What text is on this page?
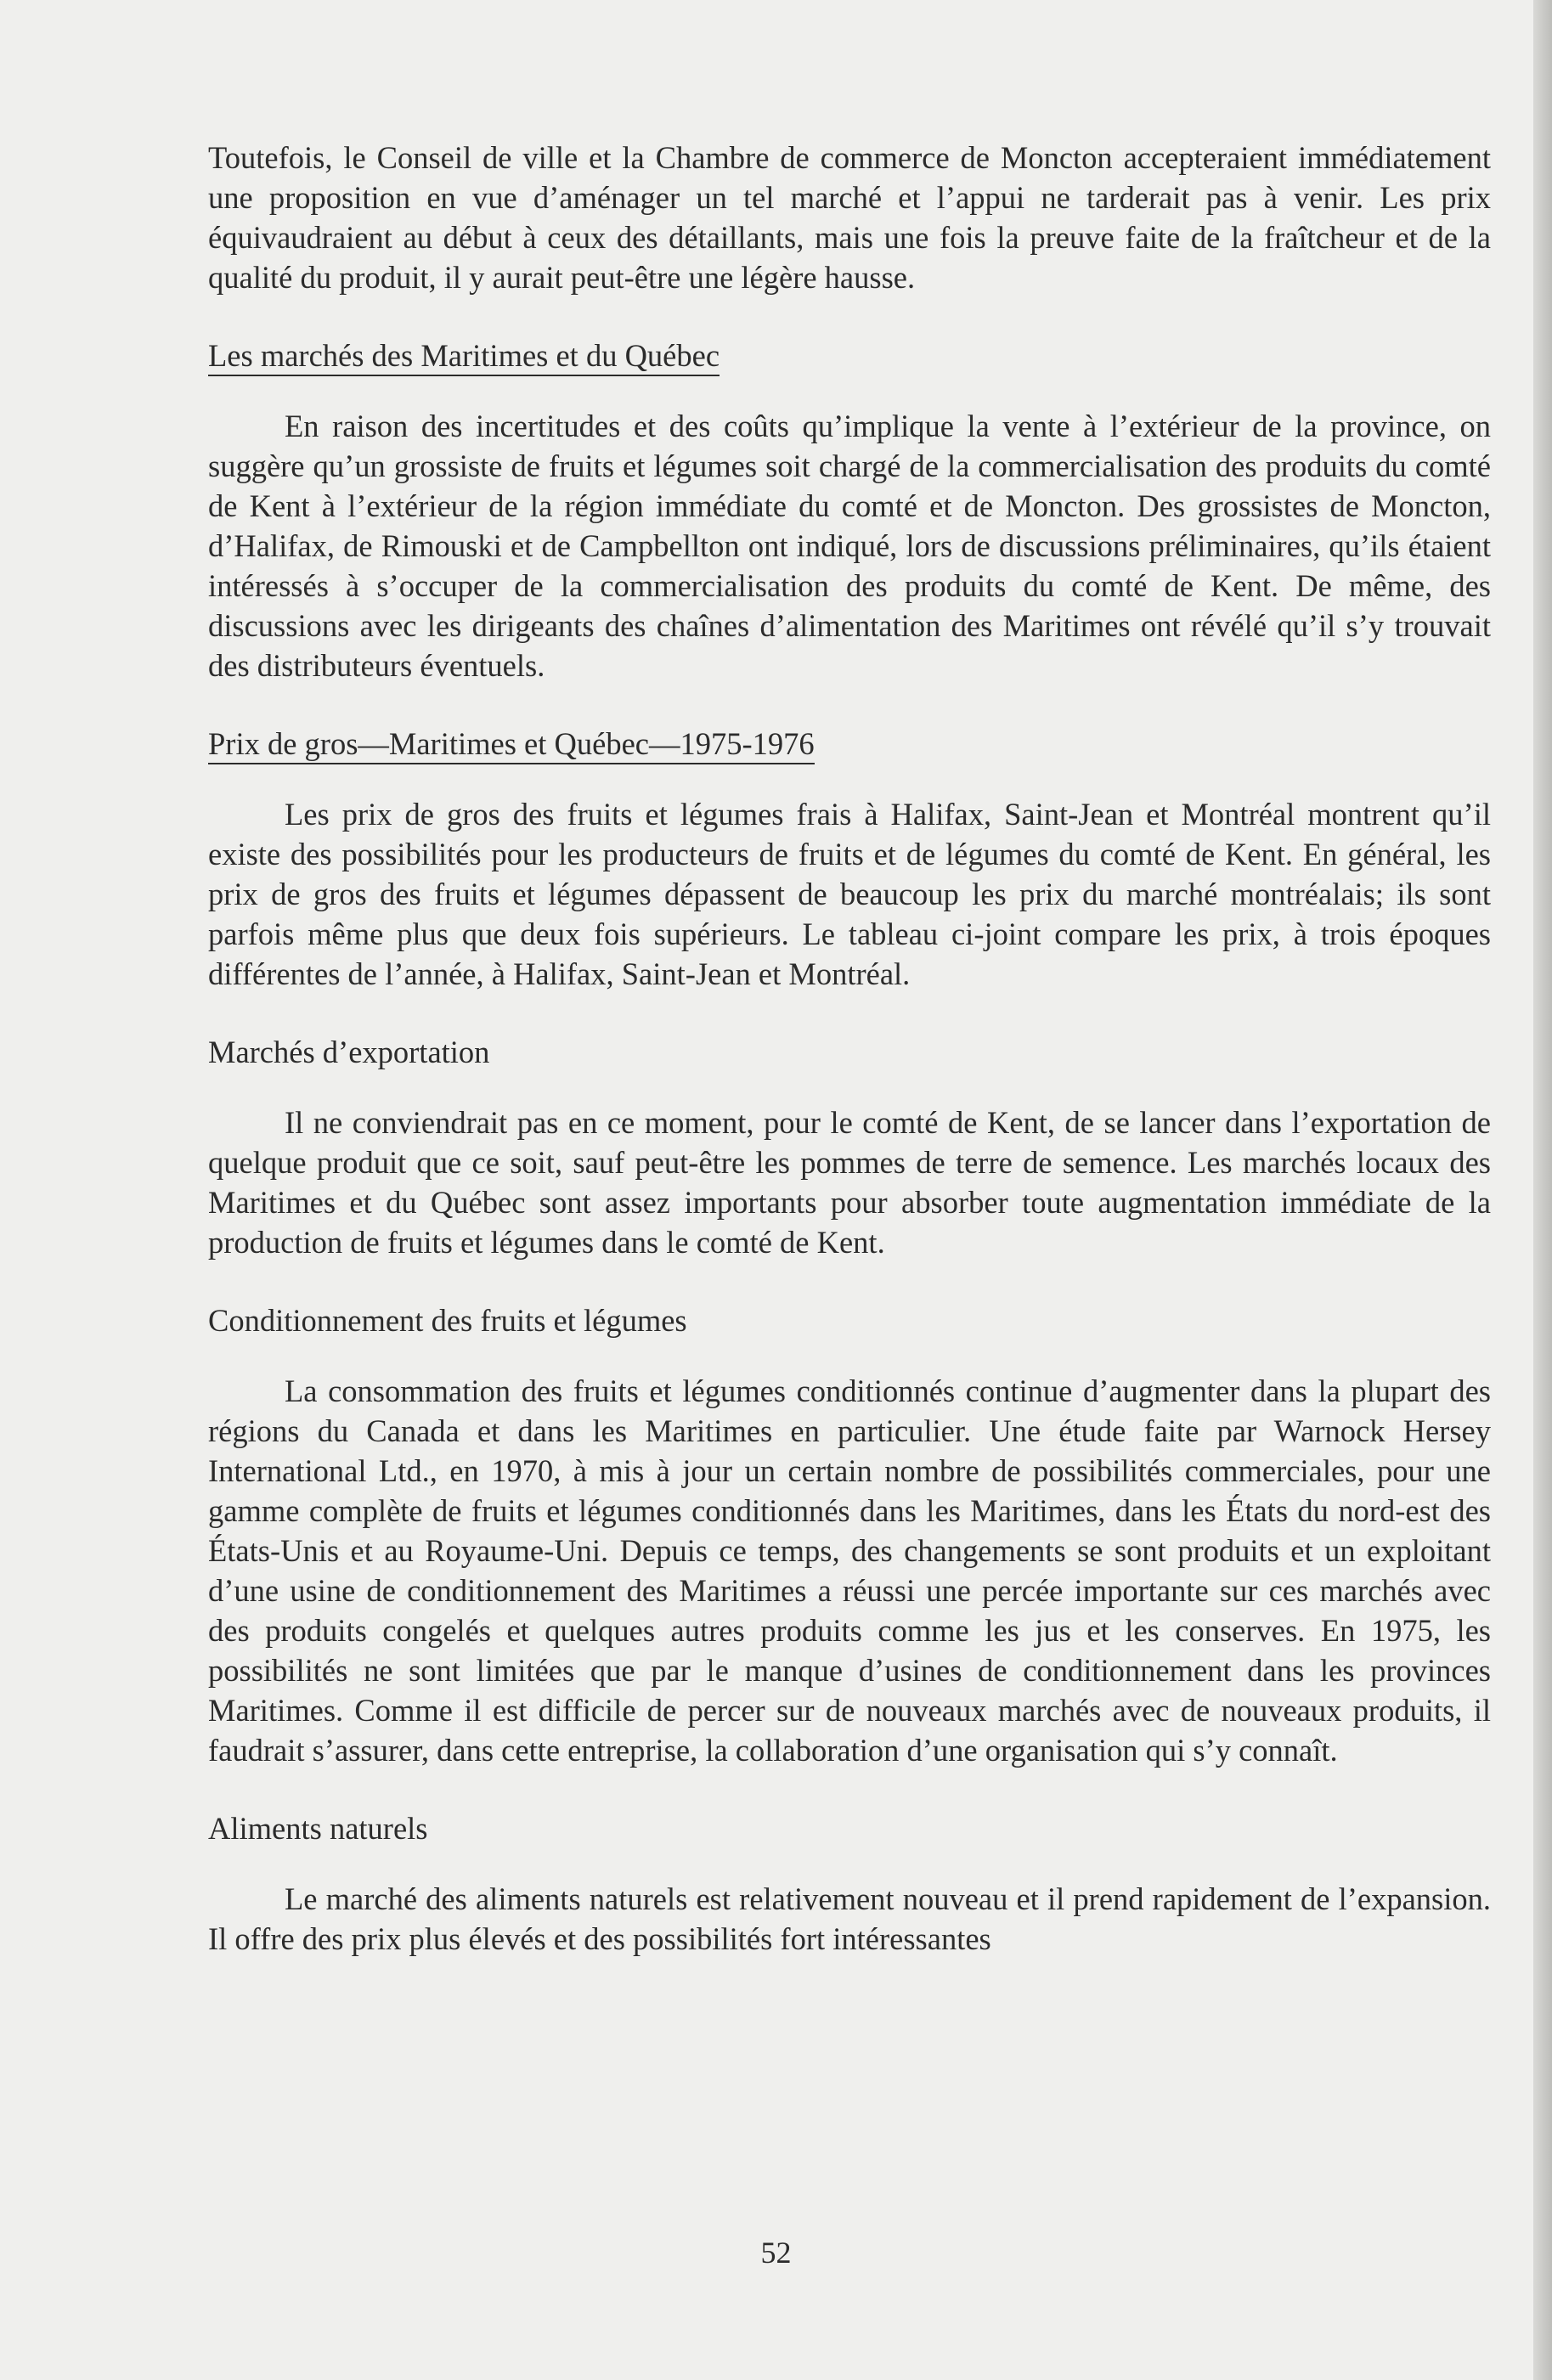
Toutefois, le Conseil de ville et la Chambre de commerce de Moncton accepteraient immédiatement une proposition en vue d’aménager un tel marché et l’appui ne tarderait pas à venir. Les prix équivaudraient au début à ceux des détaillants, mais une fois la preuve faite de la fraîtcheur et de la qualité du produit, il y aurait peut-être une légère hausse.

Les marchés des Maritimes et du Québec

En raison des incertitudes et des coûts qu’implique la vente à l’extérieur de la province, on suggère qu’un grossiste de fruits et légumes soit chargé de la commercialisation des produits du comté de Kent à l’extérieur de la région immédiate du comté et de Moncton. Des grossistes de Moncton, d’Halifax, de Rimouski et de Campbellton ont indiqué, lors de discussions préliminaires, qu’ils étaient intéressés à s’occuper de la commercialisation des produits du comté de Kent. De même, des discussions avec les dirigeants des chaînes d’alimentation des Maritimes ont révélé qu’il s’y trouvait des distributeurs éventuels.

Prix de gros—Maritimes et Québec—1975-1976

Les prix de gros des fruits et légumes frais à Halifax, Saint-Jean et Montréal montrent qu’il existe des possibilités pour les producteurs de fruits et de légumes du comté de Kent. En général, les prix de gros des fruits et légumes dépassent de beaucoup les prix du marché montréalais; ils sont parfois même plus que deux fois supérieurs. Le tableau ci-joint compare les prix, à trois époques différentes de l’année, à Halifax, Saint-Jean et Montréal.

Marchés d’exportation

Il ne conviendrait pas en ce moment, pour le comté de Kent, de se lancer dans l’exportation de quelque produit que ce soit, sauf peut-être les pommes de terre de semence. Les marchés locaux des Maritimes et du Québec sont assez importants pour absorber toute augmentation immédiate de la production de fruits et légumes dans le comté de Kent.

Conditionnement des fruits et légumes

La consommation des fruits et légumes conditionnés continue d’augmenter dans la plupart des régions du Canada et dans les Maritimes en particulier. Une étude faite par Warnock Hersey International Ltd., en 1970, à mis à jour un certain nombre de possibilités commerciales, pour une gamme complète de fruits et légumes conditionnés dans les Maritimes, dans les États du nord-est des États-Unis et au Royaume-Uni. Depuis ce temps, des changements se sont produits et un exploitant d’une usine de conditionnement des Maritimes a réussi une percée importante sur ces marchés avec des produits congelés et quelques autres produits comme les jus et les conserves. En 1975, les possibilités ne sont limitées que par le manque d’usines de conditionnement dans les provinces Maritimes. Comme il est difficile de percer sur de nouveaux marchés avec de nouveaux produits, il faudrait s’assurer, dans cette entreprise, la collaboration d’une organisation qui s’y connaît.

Aliments naturels

Le marché des aliments naturels est relativement nouveau et il prend rapidement de l’expansion. Il offre des prix plus élevés et des possibilités fort intéressantes

52
